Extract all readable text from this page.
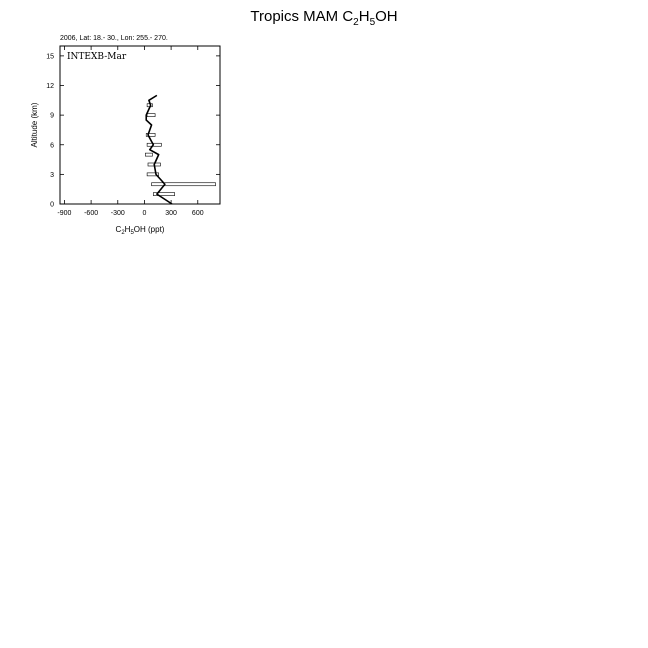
Tropics MAM $C_2H_5OH$
2006, Lat: 18.- 30., Lon: 255.- 270.
INTEXB-Mar
-900 -600 -300	0	300 600
0
3
6
9
12
15
Altitude (km)
$C_2H_5OH$ (ppt)
